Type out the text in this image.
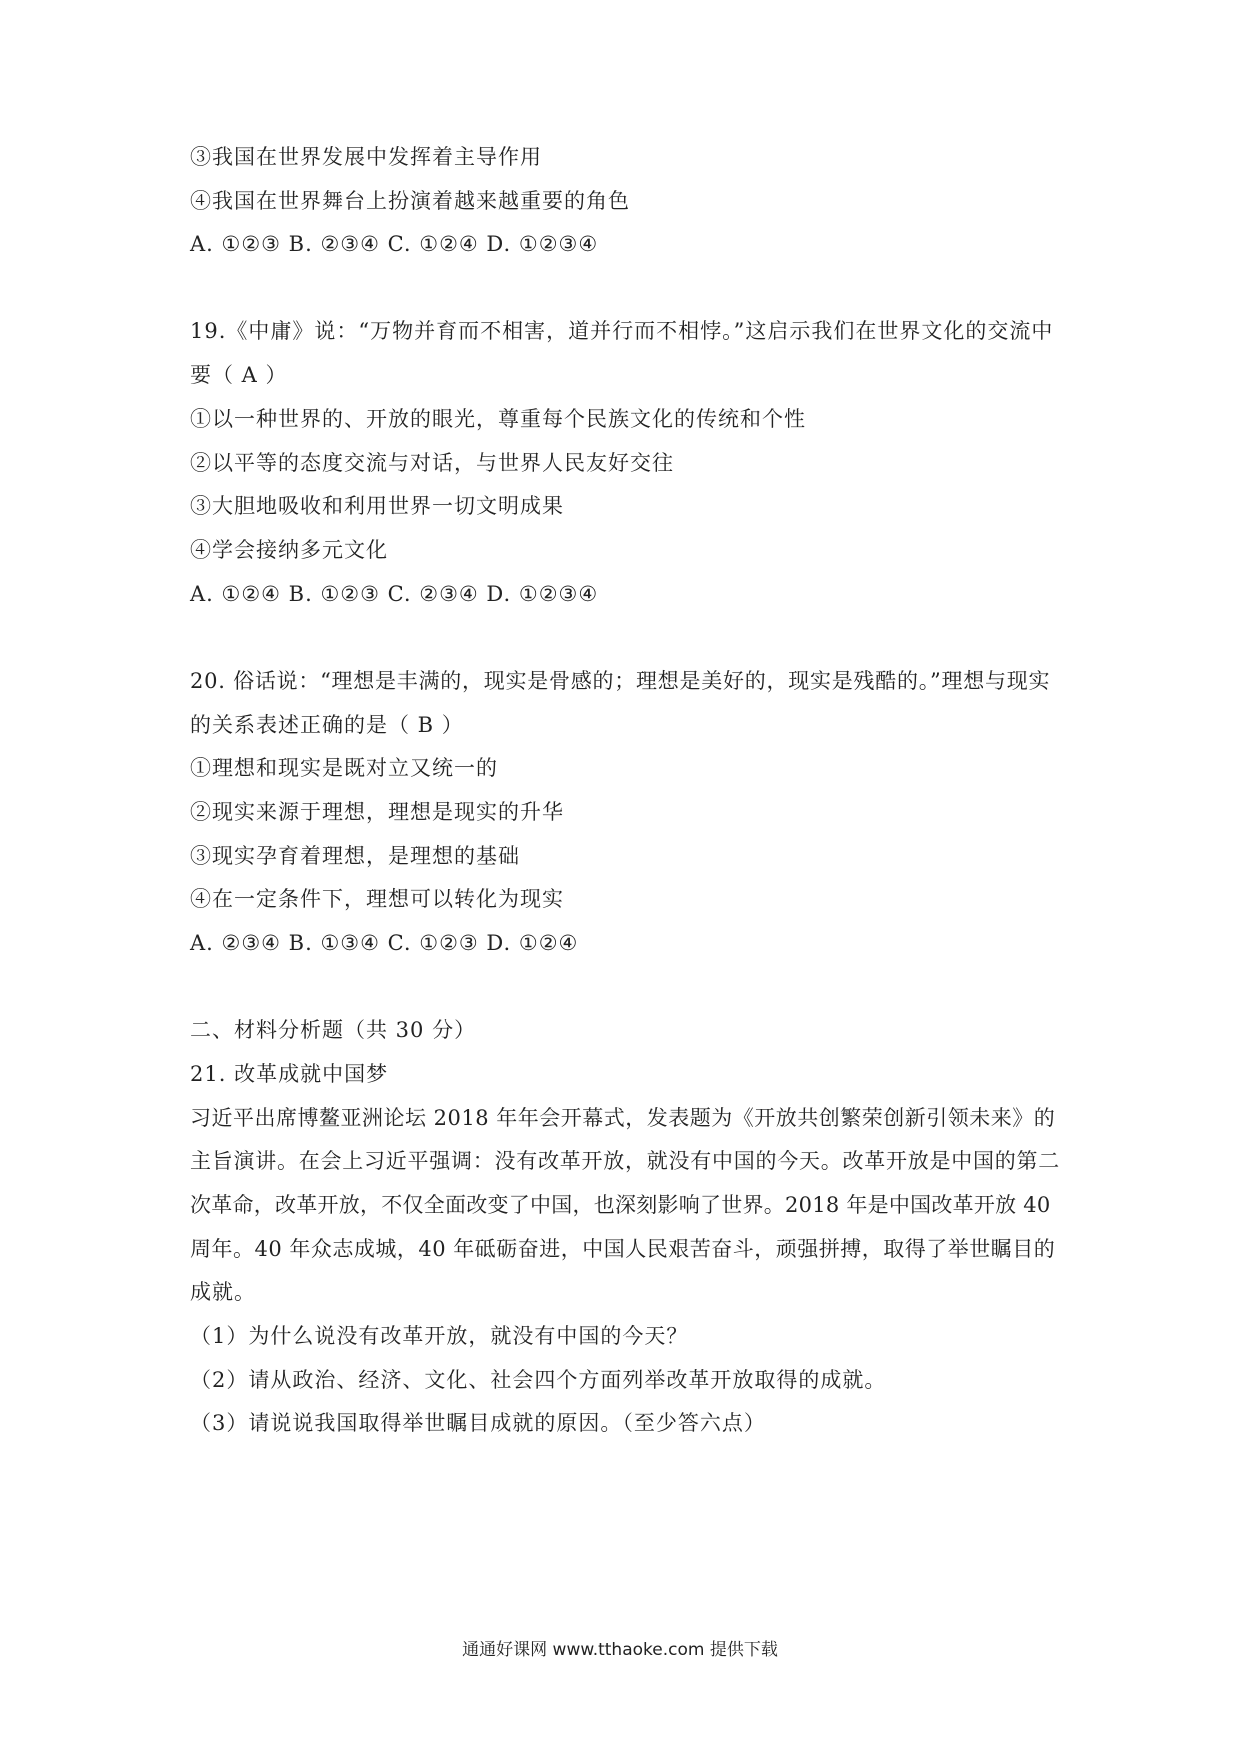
③我国在世界发展中发挥着主导作用
④我国在世界舞台上扮演着越来越重要的角色
A. ①②③ B. ②③④ C. ①②④ D. ①②③④
19.《中庸》说：“万物并育而不相害，道并行而不相悖。”这启示我们在世界文化的交流中
要（ A ）
①以一种世界的、开放的眼光，尊重每个民族文化的传统和个性
②以平等的态度交流与对话，与世界人民友好交往
③大胆地吸收和利用世界一切文明成果
④学会接纳多元文化
A. ①②④ B. ①②③ C. ②③④ D. ①②③④
20. 俗话说：“理想是丰满的，现实是骨感的；理想是美好的，现实是残酷的。”理想与现实
的关系表述正确的是（ B ）
①理想和现实是既对立又统一的
②现实来源于理想，理想是现实的升华
③现实孕育着理想，是理想的基础
④在一定条件下，理想可以转化为现实
A. ②③④ B. ①③④ C. ①②③ D. ①②④
二、材料分析题（共 30 分）
21. 改革成就中国梦
习近平出席博鳌亚洲论坛 2018 年年会开幕式，发表题为《开放共创繁荣创新引领未来》的
主旨演讲。在会上习近平强调：没有改革开放，就没有中国的今天。改革开放是中国的第二
次革命，改革开放，不仅全面改变了中国，也深刻影响了世界。2018 年是中国改革开放 40
周年。40 年众志成城，40 年砥砺奋进，中国人民艰苦奋斗，顽强拼搏，取得了举世瞩目的
成就。
（1）为什么说没有改革开放，就没有中国的今天？
（2）请从政治、经济、文化、社会四个方面列举改革开放取得的成就。
（3）请说说我国取得举世瞩目成就的原因。（至少答六点）
通通好课网 www.tthaoke.com 提供下载
